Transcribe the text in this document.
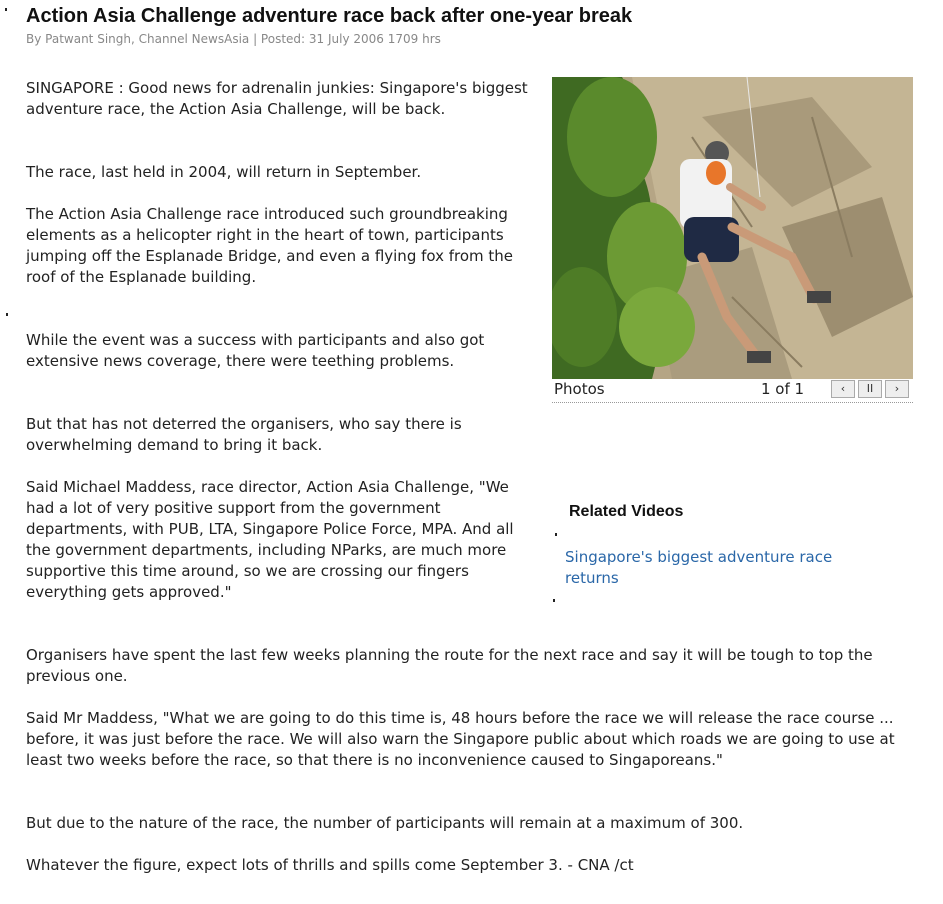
Action Asia Challenge adventure race back after one-year break
By Patwant Singh, Channel NewsAsia | Posted: 31 July 2006 1709 hrs

SINGAPORE : Good news for adrenalin junkies: Singapore's biggest adventure race, the Action Asia Challenge, will be back.

The race, last held in 2004, will return in September.

The Action Asia Challenge race introduced such groundbreaking elements as a helicopter right in the heart of town, participants jumping off the Esplanade Bridge, and even a flying fox from the roof of the Esplanade building.

While the event was a success with participants and also got extensive news coverage, there were teething problems.

But that has not deterred the organisers, who say there is overwhelming demand to bring it back.

Said Michael Maddess, race director, Action Asia Challenge, "We had a lot of very positive support from the government departments, with PUB, LTA, Singapore Police Force, MPA. And all the government departments, including NParks, are much more supportive this time around, so we are crossing our fingers everything gets approved."

Organisers have spent the last few weeks planning the route for the next race and say it will be tough to top the previous one.

Said Mr Maddess, "What we are going to do this time is, 48 hours before the race we will release the race course ... before, it was just before the race. We will also warn the Singapore public about which roads we are going to use at least two weeks before the race, so that there is no inconvenience caused to Singaporeans."

But due to the nature of the race, the number of participants will remain at a maximum of 300.

Whatever the figure, expect lots of thrills and spills come September 3. - CNA /ct

Photos	1 of 1	‹	II	›
Related Videos
Singapore's biggest adventure race returns
